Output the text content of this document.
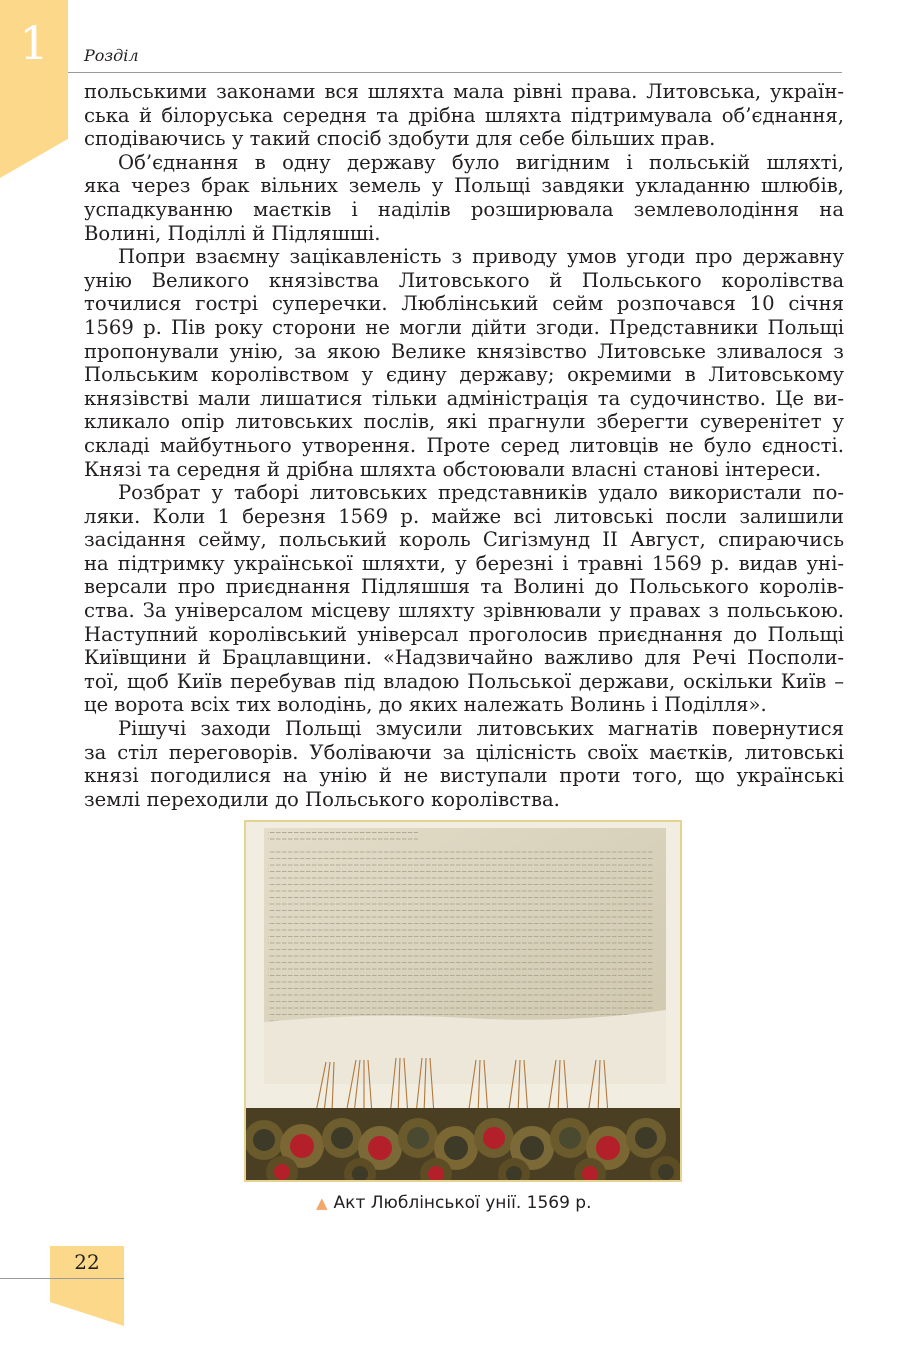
1	Розділ

польськими законами вся шляхта мала рівні права. Литовська, україн-
ська й білоруська середня та дрібна шляхта підтримувала об’єднання,

сподіваючись у такий спосіб здобути для себе більших прав.

Об’єднання в одну державу було вигідним і польській шляхті,

яка через брак вільних земель у Польщі завдяки укладанню шлюбів,
успадкуванню маєтків і наділів розширювала землеволодіння на

Волині, Поділлі й Підляшші.

Попри взаємну зацікавленість з приводу умов угоди про державну

унію Великого князівства Литовського й Польського королівства
точилися гострі суперечки. Люблінський сейм розпочався 10 січня
1569 р. Пів року сторони не могли дійти згоди. Представники Польщі
пропонували унію, за якою Велике князівство Литовське зливалося з
Польським королівством у єдину державу; окремими в Литовському
князівстві мали лишатися тільки адміністрація та судочинство. Це ви-
кликало опір литовських послів, які прагнули зберегти суверенітет у
складі майбутнього утворення. Проте серед литовців не було єдності.

Князі та середня й дрібна шляхта обстоювали власні станові інтереси.

Розбрат у таборі литовських представників удало використали по-

ляки. Коли 1 березня 1569 р. майже всі литовські посли залишили
засідання сейму, польський король Сигізмунд ІІ Август, спираючись
на підтримку української шляхти, у березні і травні 1569 р. видав уні-
версали про приєднання Підляшшя та Волині до Польського королів-
ства. За універсалом місцеву шляхту зрівнювали у правах з польською.
Наступний королівський універсал проголосив приєднання до Польщі
Київщини й Брацлавщини. «Надзвичайно важливо для Речі Посполи-
тої, щоб Київ перебував під владою Польської держави, оскільки Київ –

це ворота всіх тих володінь, до яких належать Волинь і Поділля».

Рішучі заходи Польщі змусили литовських магнатів повернутися

за стіл переговорів. Уболіваючи за цілісність своїх маєтків, литовські
князі погодилися на унію й не виступали проти того, що українські

землі переходили до Польського королівства.

▲ Акт Люблінської унії. 1569 р.
22
